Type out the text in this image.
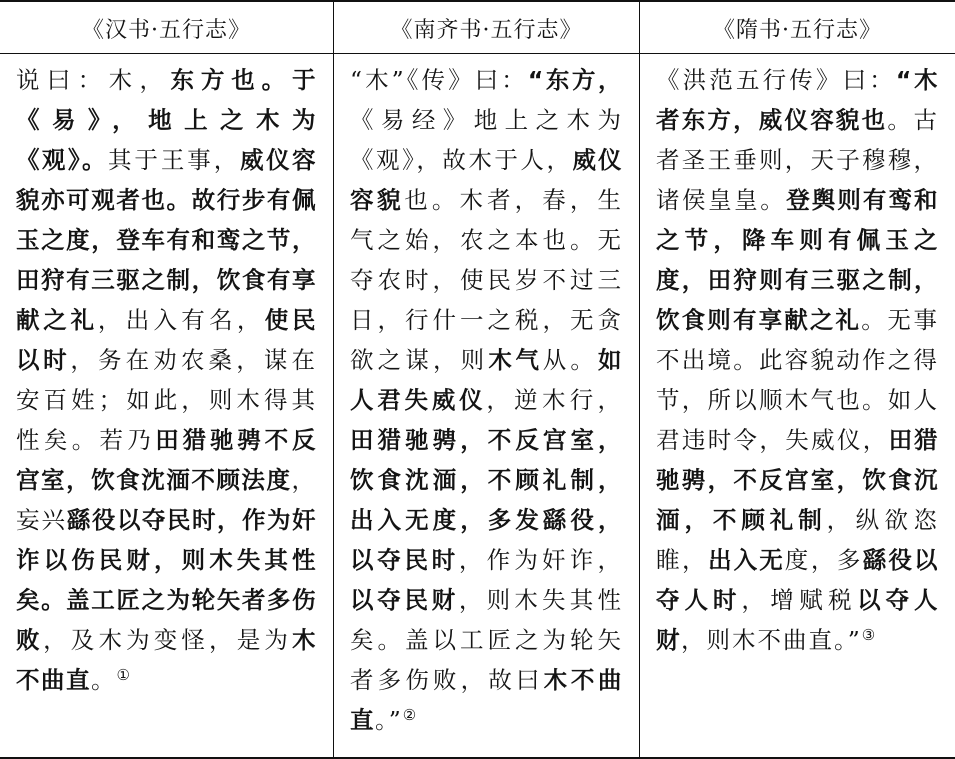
《汉书·五行志》
说曰：木，东方也。于《易》，地上之木为《观》。其于王事，威仪容貌亦可观者也。故行步有佩玉之度，登车有和鸾之节，田狩有三驱之制，饮食有享献之礼，出入有名，使民以时，务在劝农桑，谋在安百姓；如此，则木得其性矣。若乃田猎驰骋不反宫室，饮食沈湎不顾法度，妄兴繇役以夺民时，作为奸诈以伤民财，则木失其性矣。盖工匠之为轮矢者多伤败，及木为变怪，是为木不曲直。①
《南齐书·五行志》
“木”《传》曰：“东方，《易经》地上之木为《观》，故木于人，威仪容貌也。木者，春，生气之始，农之本也。无夺农时，使民岁不过三日，行什一之税，无贪欲之谋，则木气从。如人君失威仪，逆木行，田猎驰骋，不反宫室，饮食沈湎，不顾礼制，出入无度，多发繇役，以夺民时，作为奸诈，以夺民财，则木失其性矣。盖以工匠之为轮矢者多伤败，故曰木不曲直。”②
《隋书·五行志》
《洪范五行传》曰：“木者东方，威仪容貌也。古者圣王垂则，天子穆穆，诸侯皇皇。登舆则有鸾和之节，降车则有佩玉之度，田狩则有三驱之制，饮食则有享献之礼。无事不出境。此容貌动作之得节，所以顺木气也。如人君违时令，失威仪，田猎驰骋，不反宫室，饮食沉湎，不顾礼制，纵欲恣睢，出入无度，多繇役以夺人时，增赋税以夺人财，则木不曲直。”③
